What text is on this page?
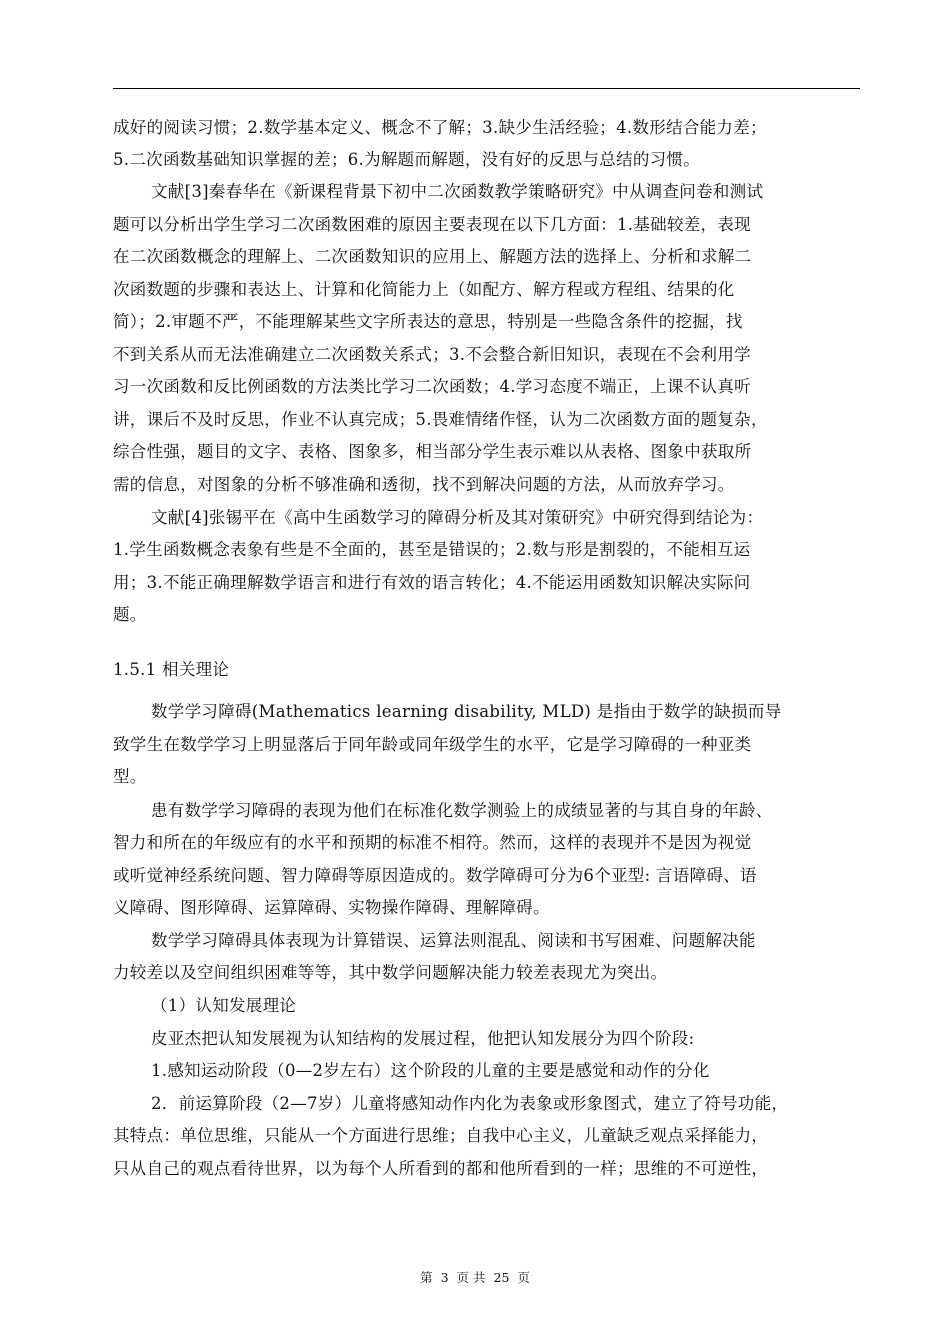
成好的阅读习惯；2.数学基本定义、概念不了解；3.缺少生活经验；4.数形结合能力差；
5.二次函数基础知识掌握的差；6.为解题而解题，没有好的反思与总结的习惯。
文献[3]秦春华在《新课程背景下初中二次函数教学策略研究》中从调查问卷和测试
题可以分析出学生学习二次函数困难的原因主要表现在以下几方面：1.基础较差，表现
在二次函数概念的理解上、二次函数知识的应用上、解题方法的选择上、分析和求解二
次函数题的步骤和表达上、计算和化简能力上（如配方、解方程或方程组、结果的化
简）；2.审题不严，不能理解某些文字所表达的意思，特别是一些隐含条件的挖掘，找
不到关系从而无法准确建立二次函数关系式；3.不会整合新旧知识，表现在不会利用学
习一次函数和反比例函数的方法类比学习二次函数；4.学习态度不端正，上课不认真听
讲，课后不及时反思，作业不认真完成；5.畏难情绪作怪，认为二次函数方面的题复杂，
综合性强，题目的文字、表格、图象多，相当部分学生表示难以从表格、图象中获取所
需的信息，对图象的分析不够准确和透彻，找不到解决问题的方法，从而放弃学习。
文献[4]张锡平在《高中生函数学习的障碍分析及其对策研究》中研究得到结论为：
1.学生函数概念表象有些是不全面的，甚至是错误的；2.数与形是割裂的，不能相互运
用；3.不能正确理解数学语言和进行有效的语言转化；4.不能运用函数知识解决实际问
题。
1.5.1 相关理论
数学学习障碍(Mathematics learning disability, MLD) 是指由于数学的缺损而导
致学生在数学学习上明显落后于同年龄或同年级学生的水平，它是学习障碍的一种亚类
型。
患有数学学习障碍的表现为他们在标准化数学测验上的成绩显著的与其自身的年龄、
智力和所在的年级应有的水平和预期的标准不相符。然而，这样的表现并不是因为视觉
或听觉神经系统问题、智力障碍等原因造成的。数学障碍可分为6个亚型: 言语障碍、语
义障碍、图形障碍、运算障碍、实物操作障碍、理解障碍。
数学学习障碍具体表现为计算错误、运算法则混乱、阅读和书写困难、问题解决能
力较差以及空间组织困难等等，其中数学问题解决能力较差表现尤为突出。
（1）认知发展理论
皮亚杰把认知发展视为认知结构的发展过程，他把认知发展分为四个阶段:
1.感知运动阶段（0—2岁左右）这个阶段的儿童的主要是感觉和动作的分化
2．前运算阶段（2—7岁）儿童将感知动作内化为表象或形象图式，建立了符号功能，
其特点：单位思维，只能从一个方面进行思维；自我中心主义，儿童缺乏观点采择能力，
只从自己的观点看待世界，以为每个人所看到的都和他所看到的一样；思维的不可逆性，
第 3 页 共 25 页
